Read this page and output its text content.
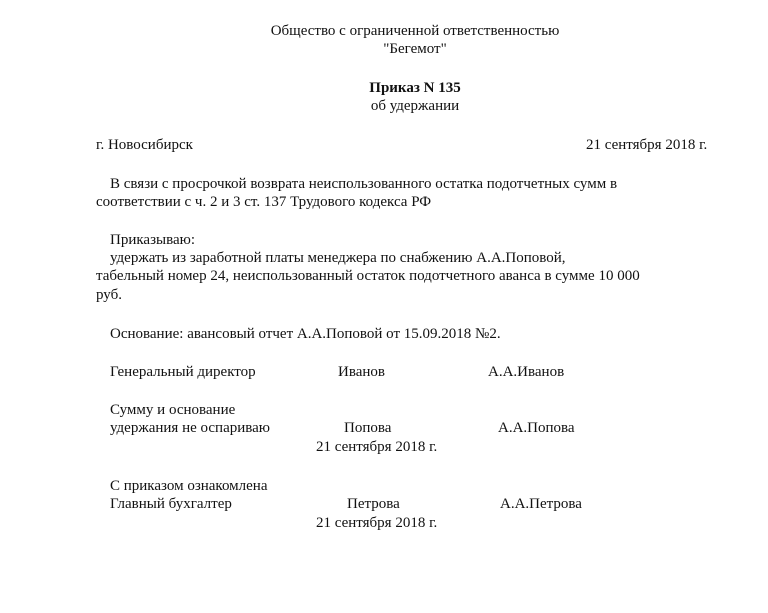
Общество с ограниченной ответственностью
"Бегемот"
Приказ N 135
об удержании
г. Новосибирск	21 сентября 2018 г.
В связи с просрочкой возврата неиспользованного остатка подотчетных сумм в
соответствии с ч. 2 и 3 ст. 137 Трудового кодекса РФ
Приказываю:
удержать из заработной платы менеджера по снабжению А.А.Поповой,
табельный номер 24, неиспользованный остаток подотчетного аванса в сумме 10 000
руб.
Основание: авансовый отчет А.А.Поповой от 15.09.2018 №2.
Генеральный директор	Иванов	А.А.Иванов
Сумму и основание
удержания не оспариваю	Попова	А.А.Попова
21 сентября 2018 г.
С приказом ознакомлена
Главный бухгалтер	Петрова	А.А.Петрова
21 сентября 2018 г.
